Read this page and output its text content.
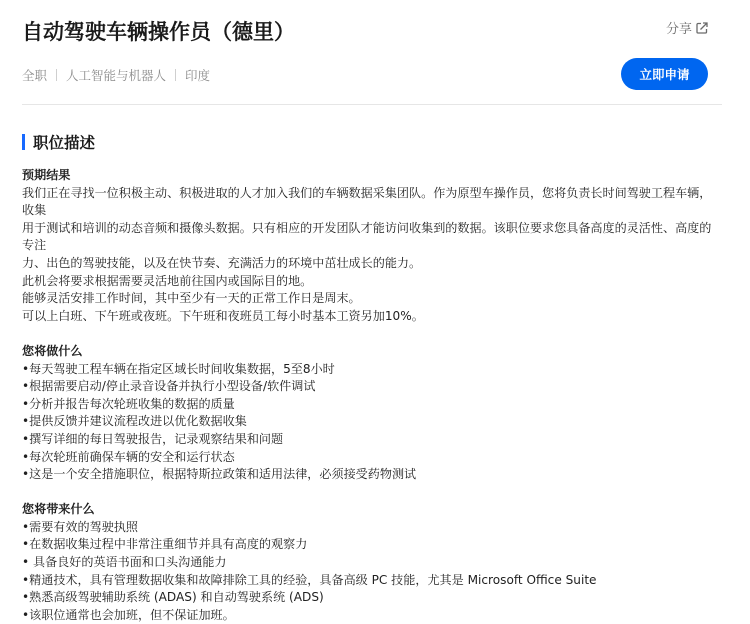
自动驾驶车辆操作员（德里）	分享
全职 人工智能与机器人 印度	立即申请
职位描述

预期结果

我们正在寻找一位积极主动、积极进取的人才加入我们的车辆数据采集团队。作为原型车操作员，您将负责长时间驾驶工程车辆，收集

用于测试和培训的动态音频和摄像头数据。只有相应的开发团队才能访问收集到的数据。该职位要求您具备高度的灵活性、高度的专注

力、出色的驾驶技能，以及在快节奏、充满活力的环境中茁壮成长的能力。

此机会将要求根据需要灵活地前往国内或国际目的地。

能够灵活安排工作时间，其中至少有一天的正常工作日是周末。

可以上白班、下午班或夜班。下午班和夜班员工每小时基本工资另加10%。

您将做什么

•每天驾驶工程车辆在指定区域长时间收集数据，5至8小时

•根据需要启动/停止录音设备并执行小型设备/软件调试

•分析并报告每次轮班收集的数据的质量

•提供反馈并建议流程改进以优化数据收集

•撰写详细的每日驾驶报告，记录观察结果和问题

•每次轮班前确保车辆的安全和运行状态

•这是一个安全措施职位，根据特斯拉政策和适用法律，必须接受药物测试

您将带来什么

•需要有效的驾驶执照

•在数据收集过程中非常注重细节并具有高度的观察力

• 具备良好的英语书面和口头沟通能力

•精通技术，具有管理数据收集和故障排除工具的经验，具备高级 PC 技能，尤其是 Microsoft Office Suite

•熟悉高级驾驶辅助系统 (ADAS) 和自动驾驶系统 (ADS)

•该职位通常也会加班，但不保证加班。
